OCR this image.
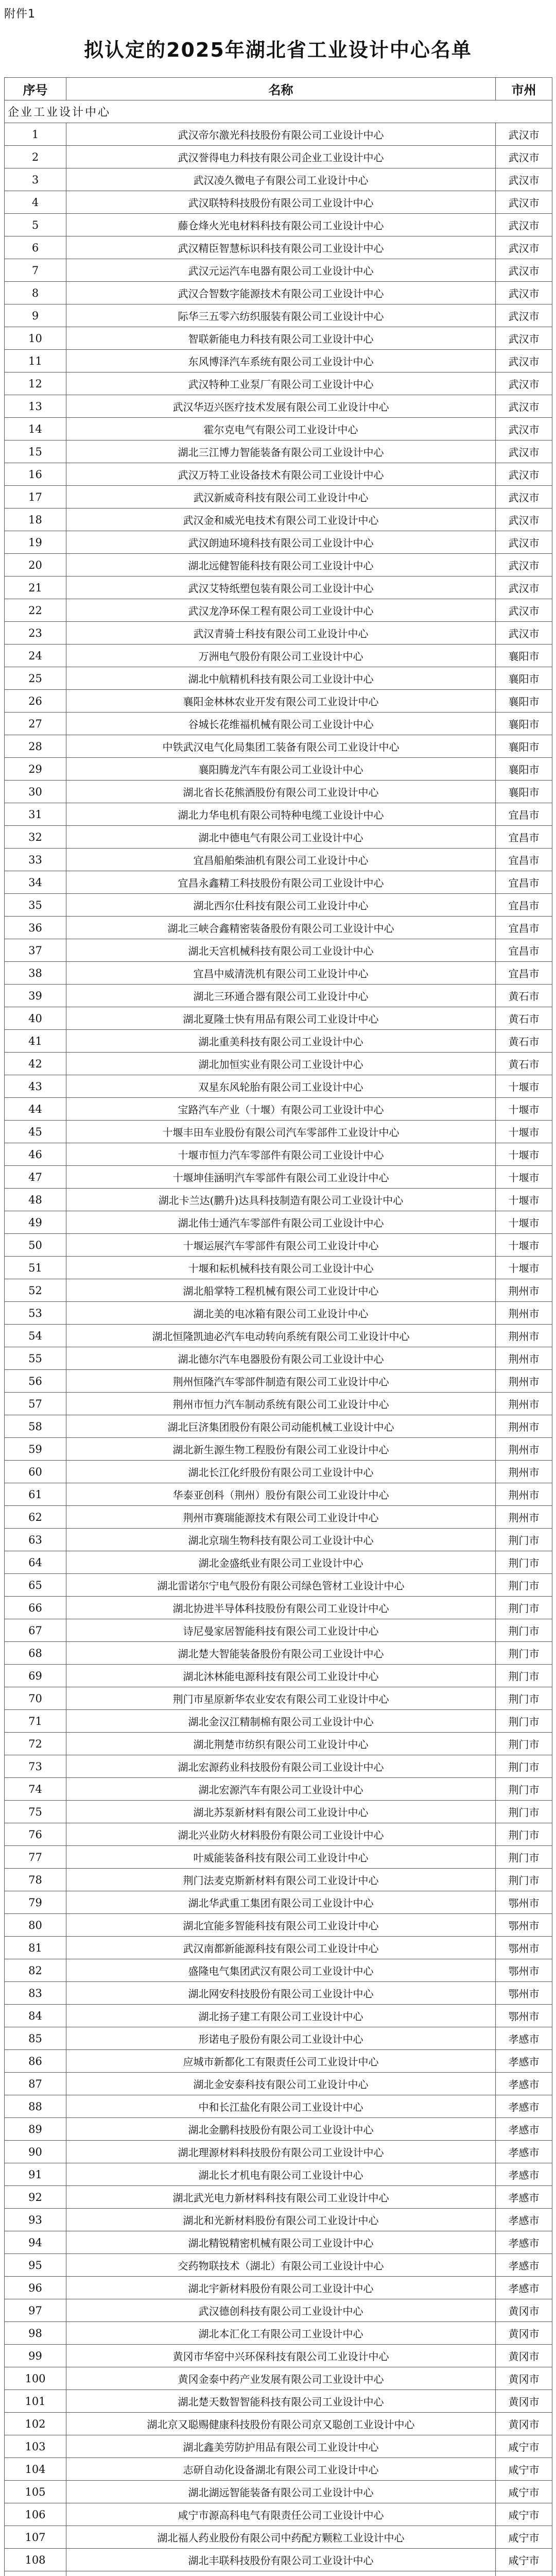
附件1
拟认定的2025年湖北省工业设计中心名单
序号	名称	市州
企业工业设计中心		
1	武汉帝尔激光科技股份有限公司工业设计中心	武汉市
2	武汉誉得电力科技有限公司企业工业设计中心	武汉市
3	武汉凌久微电子有限公司工业设计中心	武汉市
4	武汉联特科技股份有限公司工业设计中心	武汉市
5	藤仓烽火光电材料科技有限公司工业设计中心	武汉市
6	武汉精臣智慧标识科技有限公司工业设计中心	武汉市
7	武汉元运汽车电器有限公司工业设计中心	武汉市
8	武汉合智数字能源技术有限公司工业设计中心	武汉市
9	际华三五零六纺织服装有限公司工业设计中心	武汉市
10	智联新能电力科技有限公司工业设计中心	武汉市
11	东风博泽汽车系统有限公司工业设计中心	武汉市
12	武汉特种工业泵厂有限公司工业设计中心	武汉市
13	武汉华迈兴医疗技术发展有限公司工业设计中心	武汉市
14	霍尔克电气有限公司工业设计中心	武汉市
15	湖北三江博力智能装备有限公司工业设计中心	武汉市
16	武汉万特工业设备技术有限公司工业设计中心	武汉市
17	武汉新威奇科技有限公司工业设计中心	武汉市
18	武汉金和威光电技术有限公司工业设计中心	武汉市
19	武汉朗迪环境科技有限公司工业设计中心	武汉市
20	湖北远健智能科技有限公司工业设计中心	武汉市
21	武汉艾特纸塑包装有限公司工业设计中心	武汉市
22	武汉龙净环保工程有限公司工业设计中心	武汉市
23	武汉青骑士科技有限公司工业设计中心	武汉市
24	万洲电气股份有限公司工业设计中心	襄阳市
25	湖北中航精机科技有限公司工业设计中心	襄阳市
26	襄阳金林林农业开发有限公司工业设计中心	襄阳市
27	谷城长花维福机械有限公司工业设计中心	襄阳市
28	中铁武汉电气化局集团工装备有限公司工业设计中心	襄阳市
29	襄阳腾龙汽车有限公司工业设计中心	襄阳市
30	湖北省长花熊酒股份有限公司工业设计中心	襄阳市
31	湖北力华电机有限公司特种电缆工业设计中心	宜昌市
32	湖北中德电气有限公司工业设计中心	宜昌市
33	宜昌船舶柴油机有限公司工业设计中心	宜昌市
34	宜昌永鑫精工科技股份有限公司工业设计中心	宜昌市
35	湖北西尔仕科技有限公司工业设计中心	宜昌市
36	湖北三峡合鑫精密装备股份有限公司工业设计中心	宜昌市
37	湖北天宫机械科技有限公司工业设计中心	宜昌市
38	宜昌中威清洗机有限公司工业设计中心	宜昌市
39	湖北三环通合器有限公司工业设计中心	黄石市
40	湖北夏隆士快有用品有限公司工业设计中心	黄石市
41	湖北重美科技有限公司工业设计中心	黄石市
42	湖北加恒实业有限公司工业设计中心	黄石市
43	双星东风轮胎有限公司工业设计中心	十堰市
44	宝路汽车产业（十堰）有限公司工业设计中心	十堰市
45	十堰丰田车业股份有限公司汽车零部件工业设计中心	十堰市
46	十堰市恒力汽车零部件有限公司工业设计中心	十堰市
47	十堰坤佳涵明汽车零部件有限公司工业设计中心	十堰市
48	湖北卡兰达(鹏升)达具科技制造有限公司工业设计中心	十堰市
49	湖北伟士通汽车零部件有限公司工业设计中心	十堰市
50	十堰运展汽车零部件有限公司工业设计中心	十堰市
51	十堰和耘机械科技有限公司工业设计中心	十堰市
52	湖北船掌特工程机械有限公司工业设计中心	荆州市
53	湖北美的电冰箱有限公司工业设计中心	荆州市
54	湖北恒隆凯迪必汽车电动转向系统有限公司工业设计中心	荆州市
55	湖北德尔汽车电器股份有限公司工业设计中心	荆州市
56	荆州恒隆汽车零部件制造有限公司工业设计中心	荆州市
57	荆州市恒力汽车制动系统有限公司工业设计中心	荆州市
58	湖北巨济集团股份有限公司动能机械工业设计中心	荆州市
59	湖北新生源生物工程股份有限公司工业设计中心	荆州市
60	湖北长江化纤股份有限公司工业设计中心	荆州市
61	华泰亚创科（荆州）股份有限公司工业设计中心	荆州市
62	荆州市赛瑞能源技术有限公司工业设计中心	荆州市
63	湖北京瑞生物科技有限公司工业设计中心	荆门市
64	湖北金盛纸业有限公司工业设计中心	荆门市
65	湖北雷诺尔宁电气股份有限公司绿色管材工业设计中心	荆门市
66	湖北协进半导体科技股份有限公司工业设计中心	荆门市
67	诗尼曼家居智能科技有限公司工业设计中心	荆门市
68	湖北楚大智能装备股份有限公司工业设计中心	荆门市
69	湖北沐林能电源科技有限公司工业设计中心	荆门市
70	荆门市星原新华农业安农有限公司工业设计中心	荆门市
71	湖北金汉江精制棉有限公司工业设计中心	荆门市
72	湖北荆楚市纺织有限公司工业设计中心	荆门市
73	湖北宏源药业科技股份有限公司工业设计中心	荆门市
74	湖北宏源汽车有限公司工业设计中心	荆门市
75	湖北苏泵新材料有限公司工业设计中心	荆门市
76	湖北兴业防火材料股份有限公司工业设计中心	荆门市
77	叶威能装备科技有限公司工业设计中心	荆门市
78	荆门法麦克斯新材料有限公司工业设计中心	荆门市
79	湖北华武重工集团有限公司工业设计中心	鄂州市
80	湖北宜能多智能科技有限公司工业设计中心	鄂州市
81	武汉南都新能源科技有限公司工业设计中心	鄂州市
82	盛隆电气集团武汉有限公司工业设计中心	鄂州市
83	湖北网安科技股份有限公司工业设计中心	鄂州市
84	湖北扬子建工有限公司工业设计中心	鄂州市
85	形诺电子股份有限公司工业设计中心	孝感市
86	应城市新都化工有限责任公司工业设计中心	孝感市
87	湖北金安泰科技有限公司工业设计中心	孝感市
88	中和长江盐化有限公司工业设计中心	孝感市
89	湖北金鹏科技股份有限公司工业设计中心	孝感市
90	湖北理源材料科技股份有限公司工业设计中心	孝感市
91	湖北长才机电有限公司工业设计中心	孝感市
92	湖北武光电力新材料科技有限公司工业设计中心	孝感市
93	湖北和光新材料股份有限公司工业设计中心	孝感市
94	湖北精锐精密机械有限公司工业设计中心	孝感市
95	交药物联技术（湖北）有限公司工业设计中心	孝感市
96	湖北宇新材料股份有限公司工业设计中心	孝感市
97	武汉德创科技有限公司工业设计中心	黄冈市
98	湖北本汇化工有限公司工业设计中心	黄冈市
99	黄冈市华窑中兴环保科技有限公司工业设计中心	黄冈市
100	黄冈金泰中药产业发展有限公司工业设计中心	黄冈市
101	湖北楚天数智智能科技有限公司工业设计中心	黄冈市
102	湖北京又聪赐健康科技股份有限公司京又聪创工业设计中心	黄冈市
103	湖北鑫美劳防护用品有限公司工业设计中心	咸宁市
104	志研自动化设备湖北有限公司工业设计中心	咸宁市
105	湖北湖远智能装备有限公司工业设计中心	咸宁市
106	咸宁市源高科电气有限责任公司工业设计中心	咸宁市
107	湖北福人药业股份有限公司中药配方颗粒工业设计中心	咸宁市
108	湖北丰联科技股份有限公司工业设计中心	咸宁市
